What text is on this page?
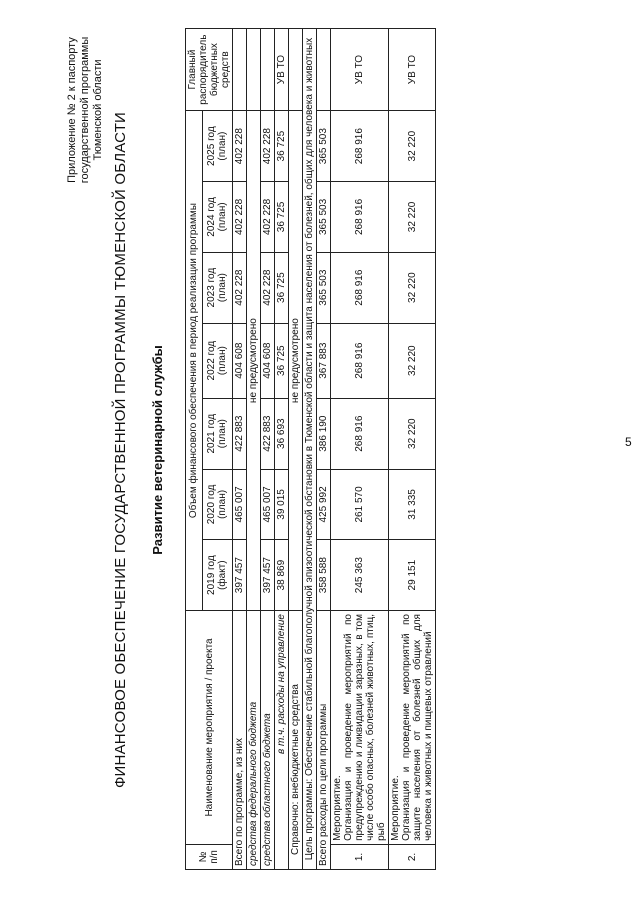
5
Приложение № 2 к паспорту государственной программы Тюменской области
ФИНАНСОВОЕ ОБЕСПЕЧЕНИЕ ГОСУДАРСТВЕННОЙ ПРОГРАММЫ ТЮМЕНСКОЙ ОБЛАСТИ Развитие ветеринарной службы
№ п/п	Наименование мероприятия / проекта	Объем финансового обеспечения в период реализации программы							Главный распорядитель бюджетных средств
		2019 год (факт)	2020 год (план)	2021 год (план)	2022 год (план)	2023 год (план)	2024 год (план)	2025 год (план)	
Всего по программе, из них		397 457	465 007	422 883	404 608	402 228	402 228	402 228	
средства федерального бюджета		не предусмотрено							
средства областного бюджета		397 457	465 007	422 883	404 608	402 228	402 228	402 228	
в т.ч. расходы на управление		38 869	39 015	36 693	36 725	36 725	36 725	36 725	УВ ТО
Справочно: внебюджетные средства		не предусмотрено							
Цель программы: Обеспечение стабильной благополучной эпизоотической обстановки в Тюменской области и защита населения от болезней, общих для человека и животных									
Всего расходы по цели программы		358 588	425 992	386 190	367 883	365 503	365 503	365 503	
1.	Мероприятие. Организация и проведение мероприятий по предупреждению и ликвидации заразных, в том числе особо опасных, болезней животных, птиц, рыб	245 363	261 570	268 916	268 916	268 916	268 916	268 916	УВ ТО
2.	Мероприятие. Организация и проведение мероприятий по защите населения от болезней общих для человека и животных и пищевых отравлений	29 151	31 335	32 220	32 220	32 220	32 220	32 220	УВ ТО
